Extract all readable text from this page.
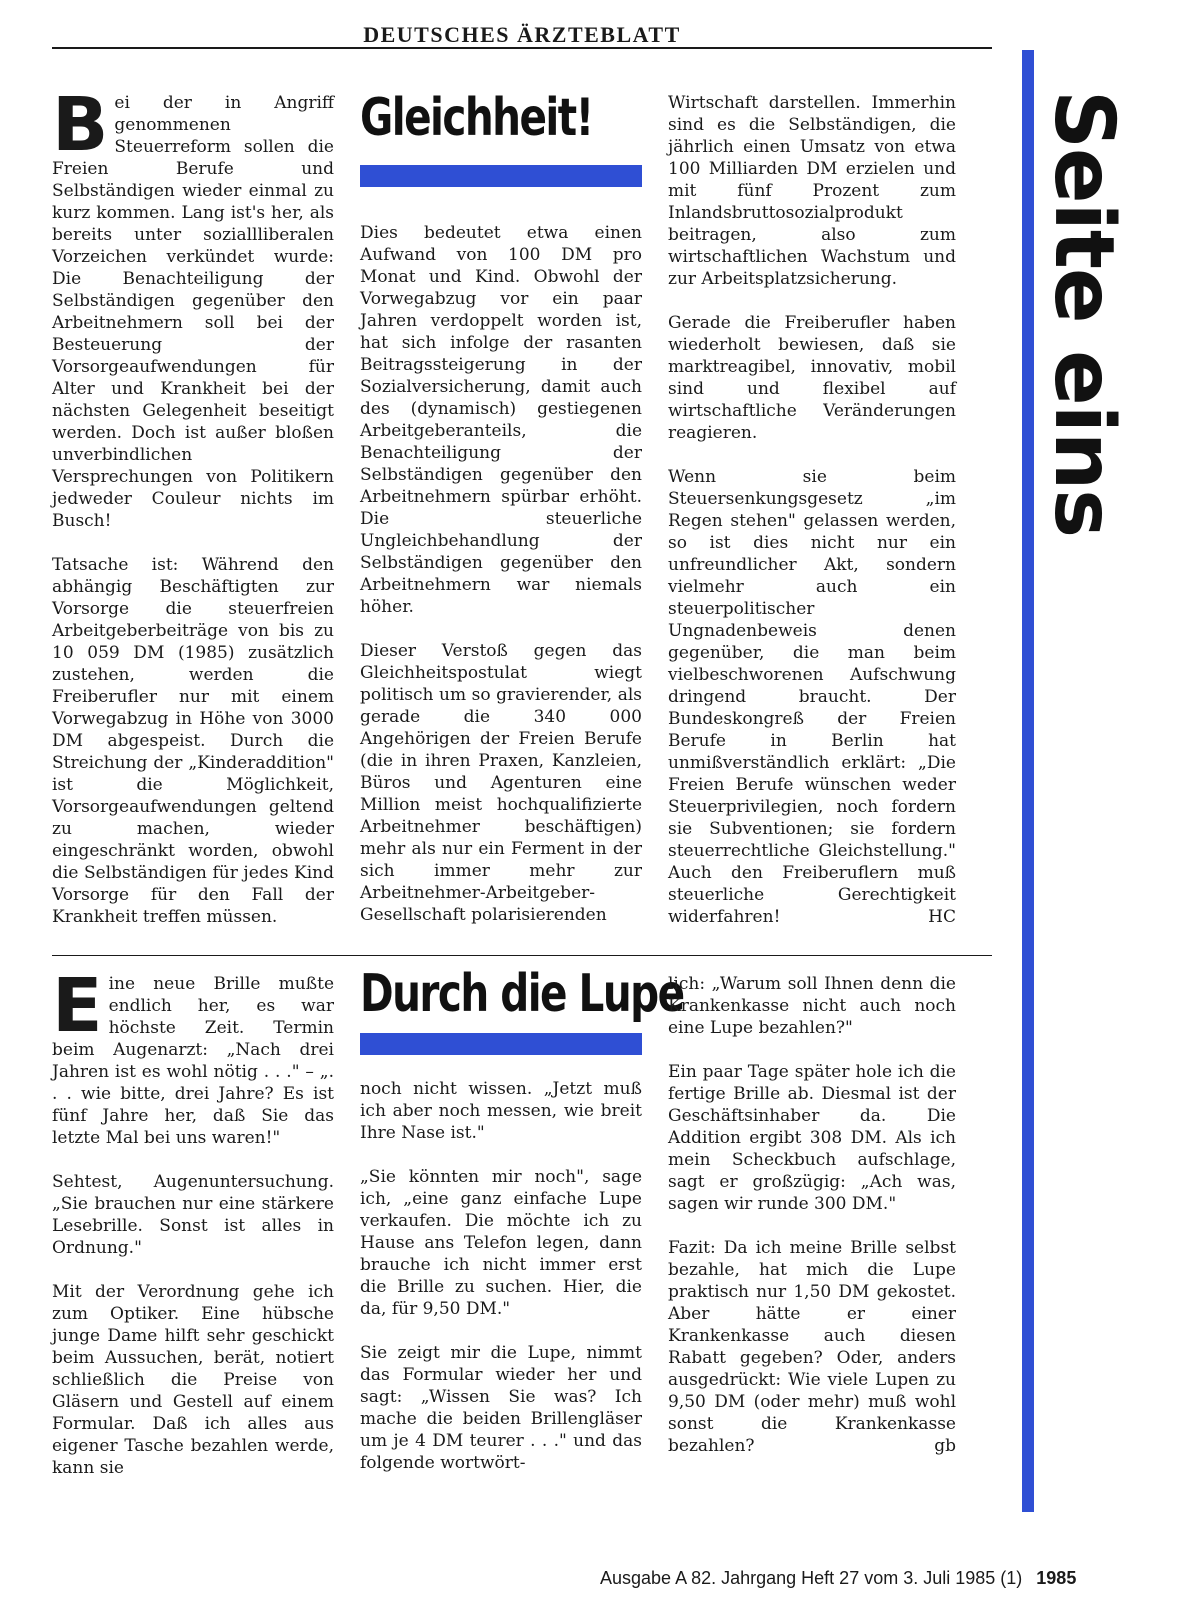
DEUTSCHES ÄRZTEBLATT

Bei der in Angriff genommenen Steuerreform sollen die Freien Berufe und Selbständigen wieder einmal zu kurz kommen. Lang ist's her, als bereits unter soziallliberalen Vorzeichen verkündet wurde: Die Benachteiligung der Selbständigen gegenüber den Arbeitnehmern soll bei der Besteuerung der Vorsorgeaufwendungen für Alter und Krankheit bei der nächsten Gelegenheit beseitigt werden. Doch ist außer bloßen unverbindlichen Versprechungen von Politikern jedweder Couleur nichts im Busch!

Tatsache ist: Während den abhängig Beschäftigten zur Vorsorge die steuerfreien Arbeitgeberbeiträge von bis zu 10 059 DM (1985) zusätzlich zustehen, werden die Freiberufler nur mit einem Vorwegabzug in Höhe von 3000 DM abgespeist. Durch die Streichung der „Kinderaddition" ist die Möglichkeit, Vorsorgeaufwendungen geltend zu machen, wieder eingeschränkt worden, obwohl die Selbständigen für jedes Kind Vorsorge für den Fall der Krankheit treffen müssen.

Gleichheit!

Dies bedeutet etwa einen Aufwand von 100 DM pro Monat und Kind. Obwohl der Vorwegabzug vor ein paar Jahren verdoppelt worden ist, hat sich infolge der rasanten Beitragssteigerung in der Sozialversicherung, damit auch des (dynamisch) gestiegenen Arbeitgeberanteils, die Benachteiligung der Selbständigen gegenüber den Arbeitnehmern spürbar erhöht. Die steuerliche Ungleichbehandlung der Selbständigen gegenüber den Arbeitnehmern war niemals höher.

Dieser Verstoß gegen das Gleichheitspostulat wiegt politisch um so gravierender, als gerade die 340 000 Angehörigen der Freien Berufe (die in ihren Praxen, Kanzleien, Büros und Agenturen eine Million meist hochqualifizierte Arbeitnehmer beschäftigen) mehr als nur ein Ferment in der sich immer mehr zur Arbeitnehmer-Arbeitgeber-Gesellschaft polarisierenden

Wirtschaft darstellen. Immerhin sind es die Selbständigen, die jährlich einen Umsatz von etwa 100 Milliarden DM erzielen und mit fünf Prozent zum Inlandsbruttosozialprodukt beitragen, also zum wirtschaftlichen Wachstum und zur Arbeitsplatzsicherung.

Gerade die Freiberufler haben wiederholt bewiesen, daß sie marktreagibel, innovativ, mobil sind und flexibel auf wirtschaftliche Veränderungen reagieren.

Wenn sie beim Steuersenkungsgesetz „im Regen stehen" gelassen werden, so ist dies nicht nur ein unfreundlicher Akt, sondern vielmehr auch ein steuerpolitischer Ungnadenbeweis denen gegenüber, die man beim vielbeschworenen Aufschwung dringend braucht. Der Bundeskongreß der Freien Berufe in Berlin hat unmißverständlich erklärt: „Die Freien Berufe wünschen weder Steuerprivilegien, noch fordern sie Subventionen; sie fordern steuerrechtliche Gleichstellung." Auch den Freiberuflern muß steuerliche Gerechtigkeit widerfahren!	HC

Eine neue Brille mußte endlich her, es war höchste Zeit. Termin beim Augenarzt: „Nach drei Jahren ist es wohl nötig . . ." – „. . . wie bitte, drei Jahre? Es ist fünf Jahre her, daß Sie das letzte Mal bei uns waren!"

Sehtest, Augenuntersuchung. „Sie brauchen nur eine stärkere Lesebrille. Sonst ist alles in Ordnung."

Mit der Verordnung gehe ich zum Optiker. Eine hübsche junge Dame hilft sehr geschickt beim Aussuchen, berät, notiert schließlich die Preise von Gläsern und Gestell auf einem Formular. Daß ich alles aus eigener Tasche bezahlen werde, kann sie

Durch die Lupe

noch nicht wissen. „Jetzt muß ich aber noch messen, wie breit Ihre Nase ist."

„Sie könnten mir noch", sage ich, „eine ganz einfache Lupe verkaufen. Die möchte ich zu Hause ans Telefon legen, dann brauche ich nicht immer erst die Brille zu suchen. Hier, die da, für 9,50 DM."

Sie zeigt mir die Lupe, nimmt das Formular wieder her und sagt: „Wissen Sie was? Ich mache die beiden Brillengläser um je 4 DM teurer . . ." und das folgende wortwört-

lich: „Warum soll Ihnen denn die Krankenkasse nicht auch noch eine Lupe bezahlen?"

Ein paar Tage später hole ich die fertige Brille ab. Diesmal ist der Geschäftsinhaber da. Die Addition ergibt 308 DM. Als ich mein Scheckbuch aufschlage, sagt er großzügig: „Ach was, sagen wir runde 300 DM."

Fazit: Da ich meine Brille selbst bezahle, hat mich die Lupe praktisch nur 1,50 DM gekostet. Aber hätte er einer Krankenkasse auch diesen Rabatt gegeben? Oder, anders ausgedrückt: Wie viele Lupen zu 9,50 DM (oder mehr) muß wohl sonst die Krankenkasse bezahlen?	gb

Seite eins
Ausgabe A 82. Jahrgang Heft 27 vom 3. Juli 1985 (1) 1985
